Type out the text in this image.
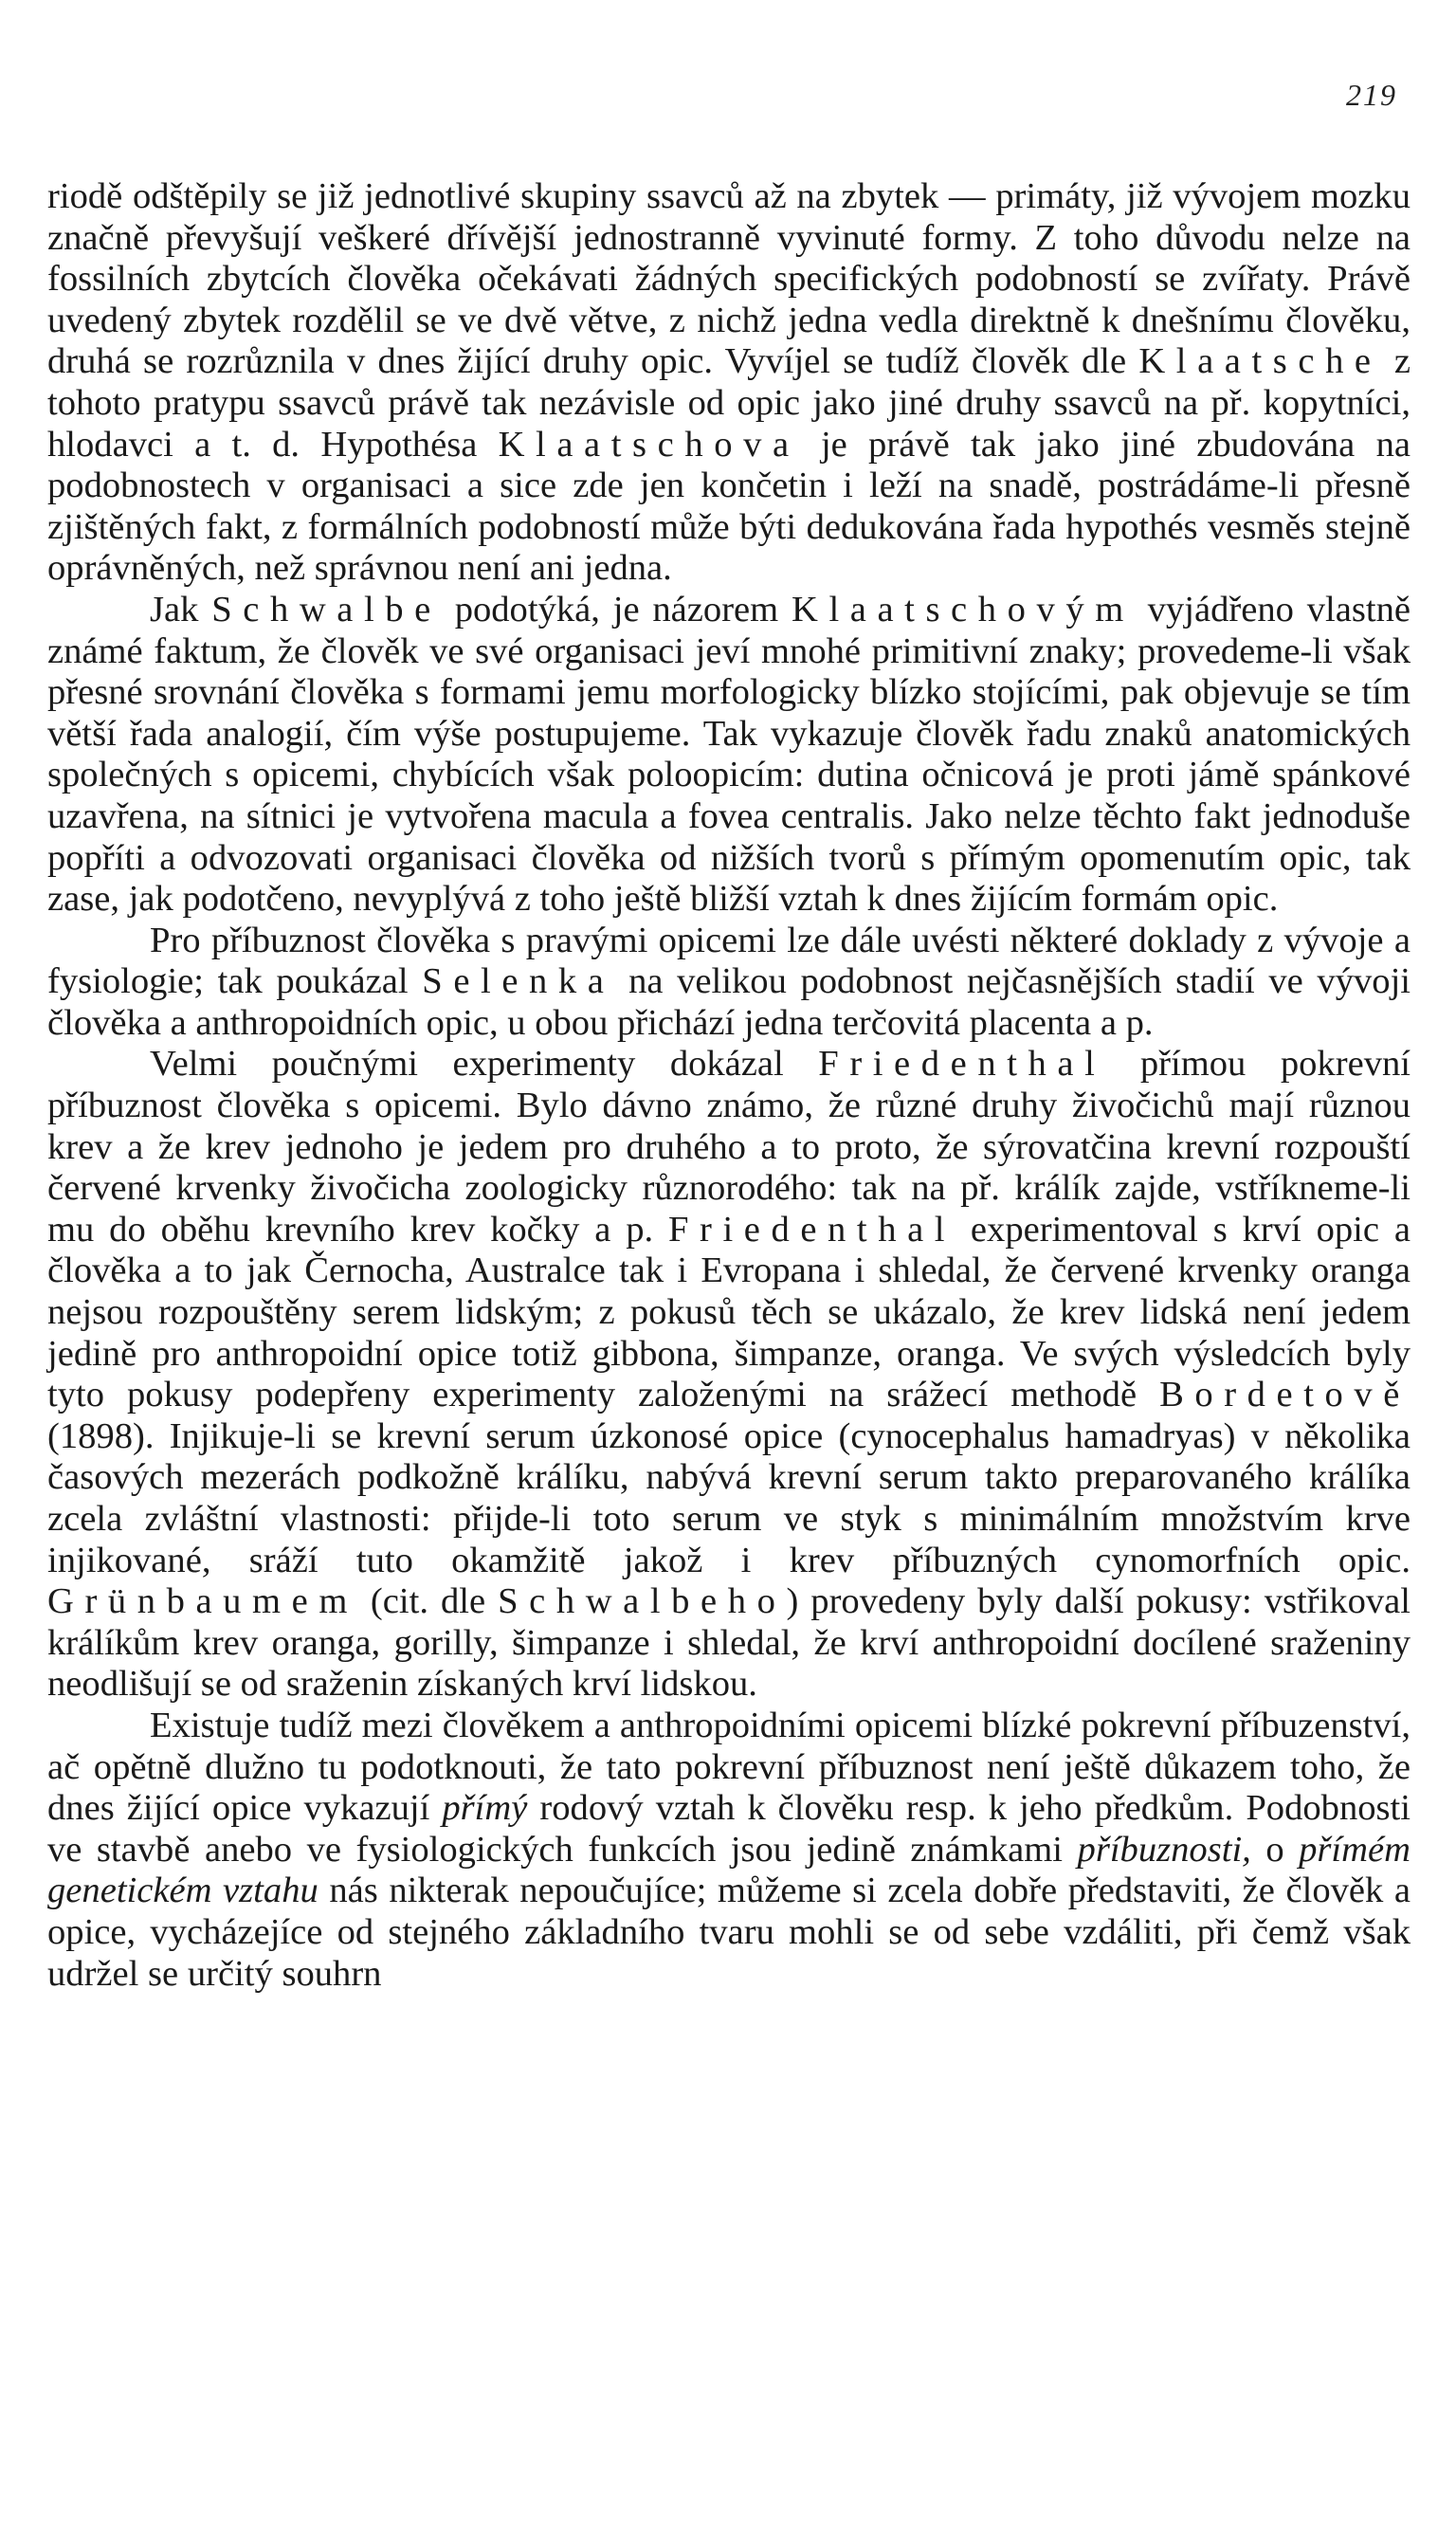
219

riodě odštěpily se již jednotlivé skupiny ssavců až na zbytek — primáty, již vývojem mozku značně převyšují veškeré dřívější jednostranně vyvinuté formy. Z toho důvodu nelze na fossilních zbytcích člověka očekávati žádných specifických podobností se zvířaty. Právě uvedený zbytek rozdělil se ve dvě větve, z nichž jedna vedla direktně k dnešnímu člověku, druhá se rozrůznila v dnes žijící druhy opic. Vyvíjel se tudíž člověk dle Klaatsche z tohoto pratypu ssavců právě tak nezávisle od opic jako jiné druhy ssavců na př. kopytníci, hlodavci a t. d. Hypothésa Klaatschova je právě tak jako jiné zbudována na podobnostech v organisaci a sice zde jen končetin i leží na snadě, postrádáme-li přesně zjištěných fakt, z formálních podobností může býti dedukována řada hypothés vesměs stejně oprávněných, než správnou není ani jedna.

Jak Schwalbe podotýká, je názorem Klaatschovým vyjádřeno vlastně známé faktum, že člověk ve své organisaci jeví mnohé primitivní znaky; provedeme-li však přesné srovnání člověka s formami jemu morfologicky blízko stojícími, pak objevuje se tím větší řada analogií, čím výše postupujeme. Tak vykazuje člověk řadu znaků anatomických společných s opicemi, chybících však poloopicím: dutina očnicová je proti jámě spánkové uzavřena, na sítnici je vytvořena macula a fovea centralis. Jako nelze těchto fakt jednoduše popříti a odvozovati organisaci člověka od nižších tvorů s přímým opomenutím opic, tak zase, jak podotčeno, nevyplývá z toho ještě bližší vztah k dnes žijícím formám opic.

Pro příbuznost člověka s pravými opicemi lze dále uvésti některé doklady z vývoje a fysiologie; tak poukázal Selenka na velikou podobnost nejčasnějších stadií ve vývoji člověka a anthropoidních opic, u obou přichází jedna terčovitá placenta a p.

Velmi poučnými experimenty dokázal Friedenthal přímou pokrevní příbuznost člověka s opicemi. Bylo dávno známo, že různé druhy živočichů mají různou krev a že krev jednoho je jedem pro druhého a to proto, že sýrovatčina krevní rozpouští červené krvenky živočicha zoologicky různorodého: tak na př. králík zajde, vstříkneme-li mu do oběhu krevního krev kočky a p. Friedenthal experimentoval s krví opic a člověka a to jak Černocha, Australce tak i Evropana i shledal, že červené krvenky oranga nejsou rozpouštěny serem lidským; z pokusů těch se ukázalo, že krev lidská není jedem jedině pro anthropoidní opice totiž gibbona, šimpanze, oranga. Ve svých výsledcích byly tyto pokusy podepřeny experimenty založenými na srážecí methodě Bordetově (1898). Injikuje-li se krevní serum úzkonosé opice (cynocephalus hamadryas) v několika časových mezerách podkožně králíku, nabývá krevní serum takto preparovaného králíka zcela zvláštní vlastnosti: přijde-li toto serum ve styk s minimálním množstvím krve injikované, sráží tuto okamžitě jakož i krev příbuzných cynomorfních opic. Grünbaumem (cit. dle Schwalbeho) provedeny byly další pokusy: vstřikoval králíkům krev oranga, gorilly, šimpanze i shledal, že krví anthropoidní docílené sraženiny neodlišují se od sraženin získaných krví lidskou.

Existuje tudíž mezi člověkem a anthropoidními opicemi blízké pokrevní příbuzenství, ač opětně dlužno tu podotknouti, že tato pokrevní příbuznost není ještě důkazem toho, že dnes žijící opice vykazují přímý rodový vztah k člověku resp. k jeho předkům. Podobnosti ve stavbě anebo ve fysiologických funkcích jsou jedině známkami příbuznosti, o přímém genetickém vztahu nás nikterak nepoučujíce; můžeme si zcela dobře představiti, že člověk a opice, vycházejíce od stejného základního tvaru mohli se od sebe vzdáliti, při čemž však udržel se určitý souhrn
